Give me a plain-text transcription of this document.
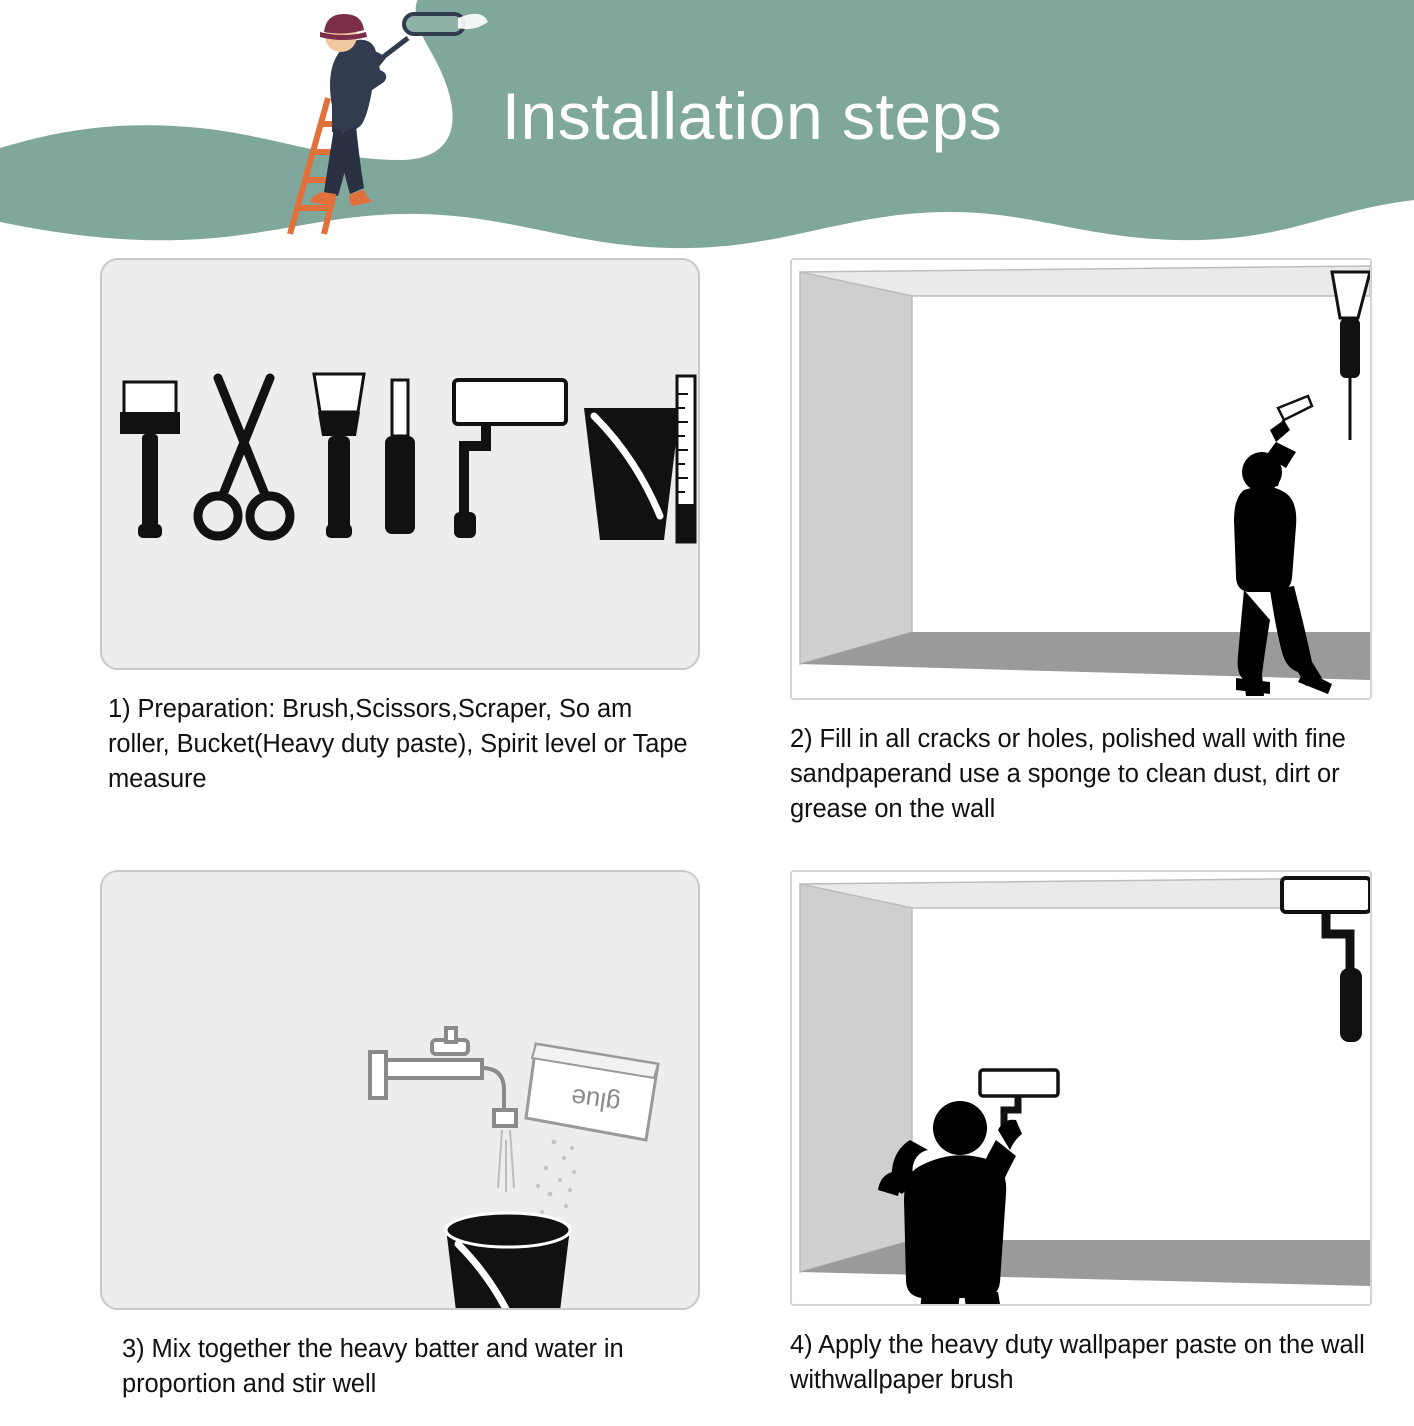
Installation steps
1) Preparation: Brush,Scissors,Scraper, So am roller, Bucket(Heavy duty paste), Spirit level or Tape measure
2) Fill in all cracks or holes, polished wall with fine sandpaperand use a sponge to clean dust, dirt or grease on the wall
glue
3) Mix together the heavy batter and water in proportion and stir well
4) Apply the heavy duty wallpaper paste on the wall withwallpaper brush
